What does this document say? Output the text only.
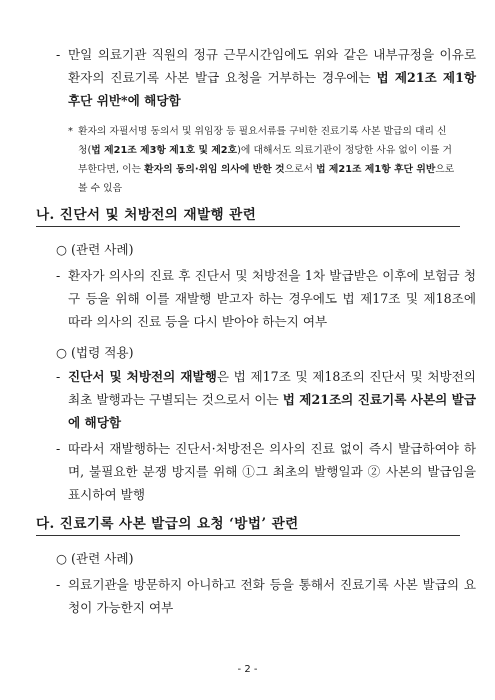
- 만일 의료기관 직원의 정규 근무시간임에도 위와 같은 내부규정을 이유로 환자의 진료기록 사본 발급 요청을 거부하는 경우에는 법 제21조 제1항 후단 위반*에 해당함
* 환자의 자필서명 동의서 및 위임장 등 필요서류를 구비한 진료기록 사본 발급의 대리 신청(법 제21조 제3항 제1호 및 제2호)에 대해서도 의료기관이 정당한 사유 없이 이를 거부한다면, 이는 환자의 동의·위임 의사에 반한 것으로서 법 제21조 제1항 후단 위반으로 볼 수 있음
나. 진단서 및 처방전의 재발행 관련
○ (관련 사례)
- 환자가 의사의 진료 후 진단서 및 처방전을 1차 발급받은 이후에 보험금 청구 등을 위해 이를 재발행 받고자 하는 경우에도 법 제17조 및 제18조에 따라 의사의 진료 등을 다시 받아야 하는지 여부
○ (법령 적용)
- 진단서 및 처방전의 재발행은 법 제17조 및 제18조의 진단서 및 처방전의 최초 발행과는 구별되는 것으로서 이는 법 제21조의 진료기록 사본의 발급에 해당함
- 따라서 재발행하는 진단서·처방전은 의사의 진료 없이 즉시 발급하여야 하며, 불필요한 분쟁 방지를 위해 ①그 최초의 발행일과 ② 사본의 발급임을 표시하여 발행
다. 진료기록 사본 발급의 요청 ‘방법’ 관련
○ (관련 사례)
- 의료기관을 방문하지 아니하고 전화 등을 통해서 진료기록 사본 발급의 요청이 가능한지 여부
- 2 -
